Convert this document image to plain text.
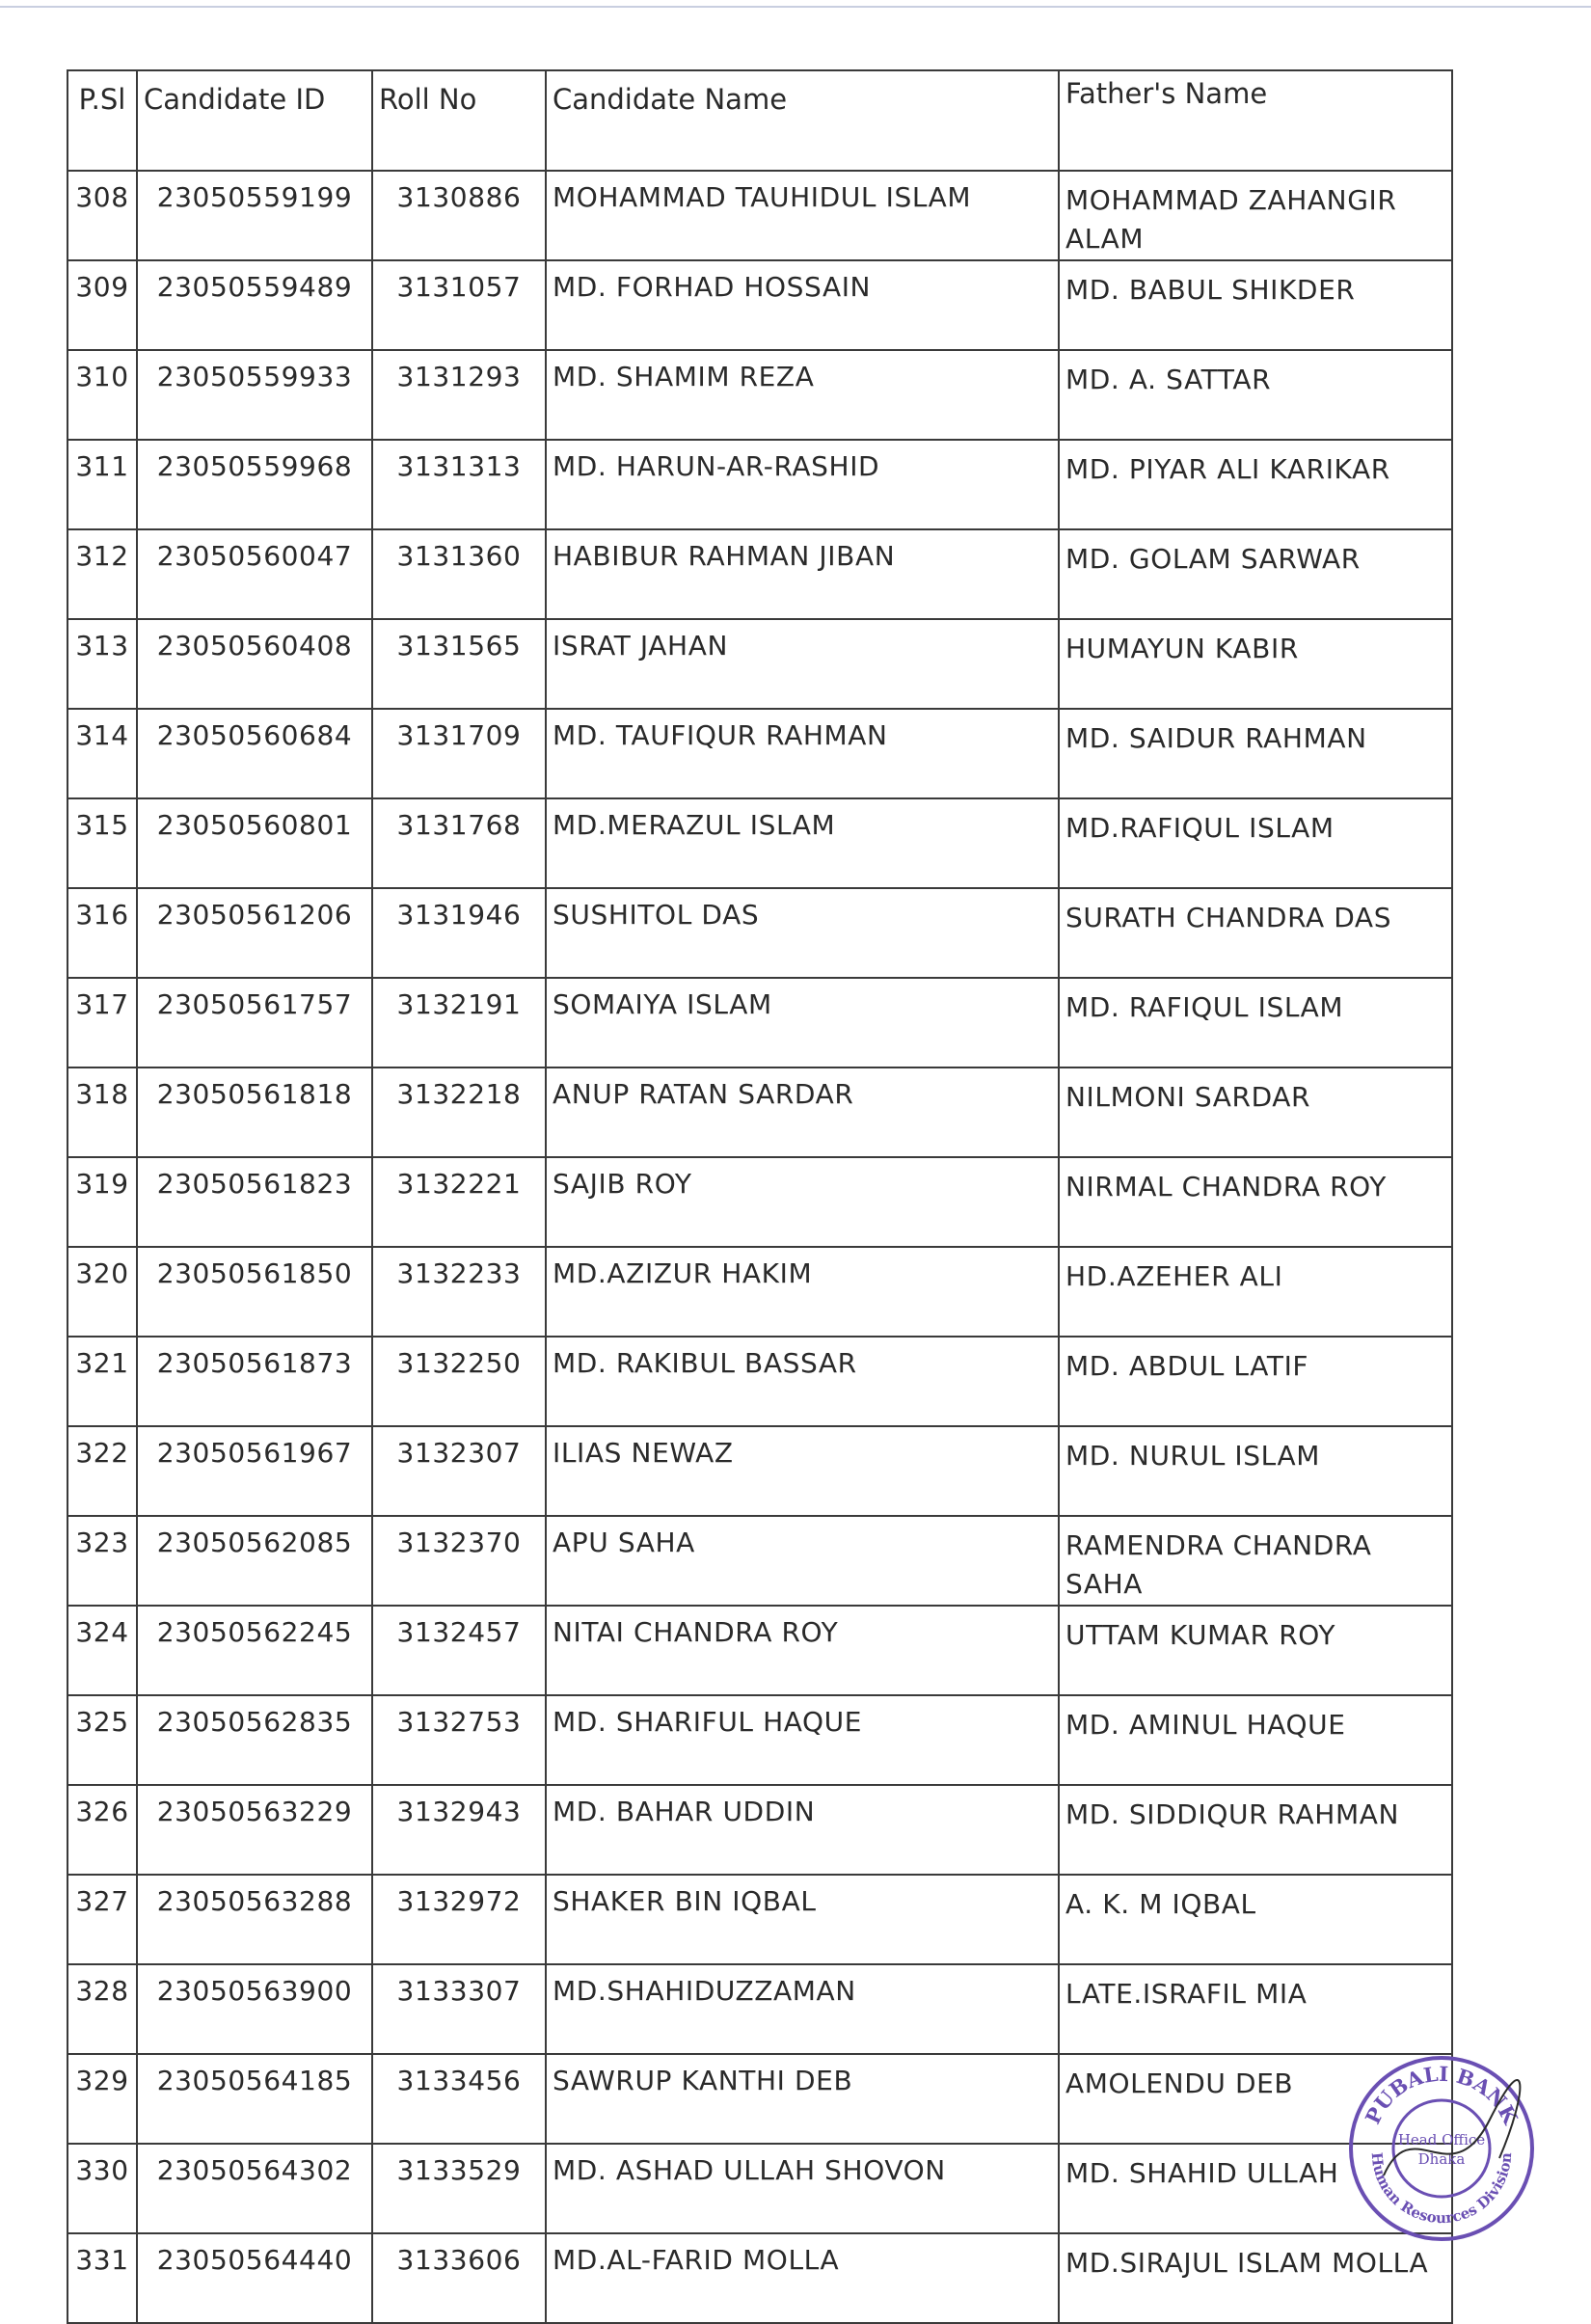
P.Sl	Candidate ID	Roll No	Candidate Name	Father's Name
308	23050559199	3130886	MOHAMMAD TAUHIDUL ISLAM	MOHAMMAD ZAHANGIR ALAM
309	23050559489	3131057	MD. FORHAD HOSSAIN	MD. BABUL SHIKDER
310	23050559933	3131293	MD. SHAMIM REZA	MD. A. SATTAR
311	23050559968	3131313	MD. HARUN-AR-RASHID	MD. PIYAR ALI KARIKAR
312	23050560047	3131360	HABIBUR RAHMAN JIBAN	MD. GOLAM SARWAR
313	23050560408	3131565	ISRAT JAHAN	HUMAYUN KABIR
314	23050560684	3131709	MD. TAUFIQUR RAHMAN	MD. SAIDUR RAHMAN
315	23050560801	3131768	MD.MERAZUL ISLAM	MD.RAFIQUL ISLAM
316	23050561206	3131946	SUSHITOL DAS	SURATH CHANDRA DAS
317	23050561757	3132191	SOMAIYA ISLAM	MD. RAFIQUL ISLAM
318	23050561818	3132218	ANUP RATAN SARDAR	NILMONI SARDAR
319	23050561823	3132221	SAJIB ROY	NIRMAL CHANDRA ROY
320	23050561850	3132233	MD.AZIZUR HAKIM	HD.AZEHER ALI
321	23050561873	3132250	MD. RAKIBUL BASSAR	MD. ABDUL LATIF
322	23050561967	3132307	ILIAS NEWAZ	MD. NURUL ISLAM
323	23050562085	3132370	APU SAHA	RAMENDRA CHANDRA SAHA
324	23050562245	3132457	NITAI CHANDRA ROY	UTTAM KUMAR ROY
325	23050562835	3132753	MD. SHARIFUL HAQUE	MD. AMINUL HAQUE
326	23050563229	3132943	MD. BAHAR UDDIN	MD. SIDDIQUR RAHMAN
327	23050563288	3132972	SHAKER BIN IQBAL	A. K. M IQBAL
328	23050563900	3133307	MD.SHAHIDUZZAMAN	LATE.ISRAFIL MIA
329	23050564185	3133456	SAWRUP KANTHI DEB	AMOLENDU DEB
330	23050564302	3133529	MD. ASHAD ULLAH SHOVON	MD. SHAHID ULLAH
331	23050564440	3133606	MD.AL-FARID MOLLA	MD.SIRAJUL ISLAM MOLLA
PUBALI BANK
Human Resources Division
Head Office
Dhaka
